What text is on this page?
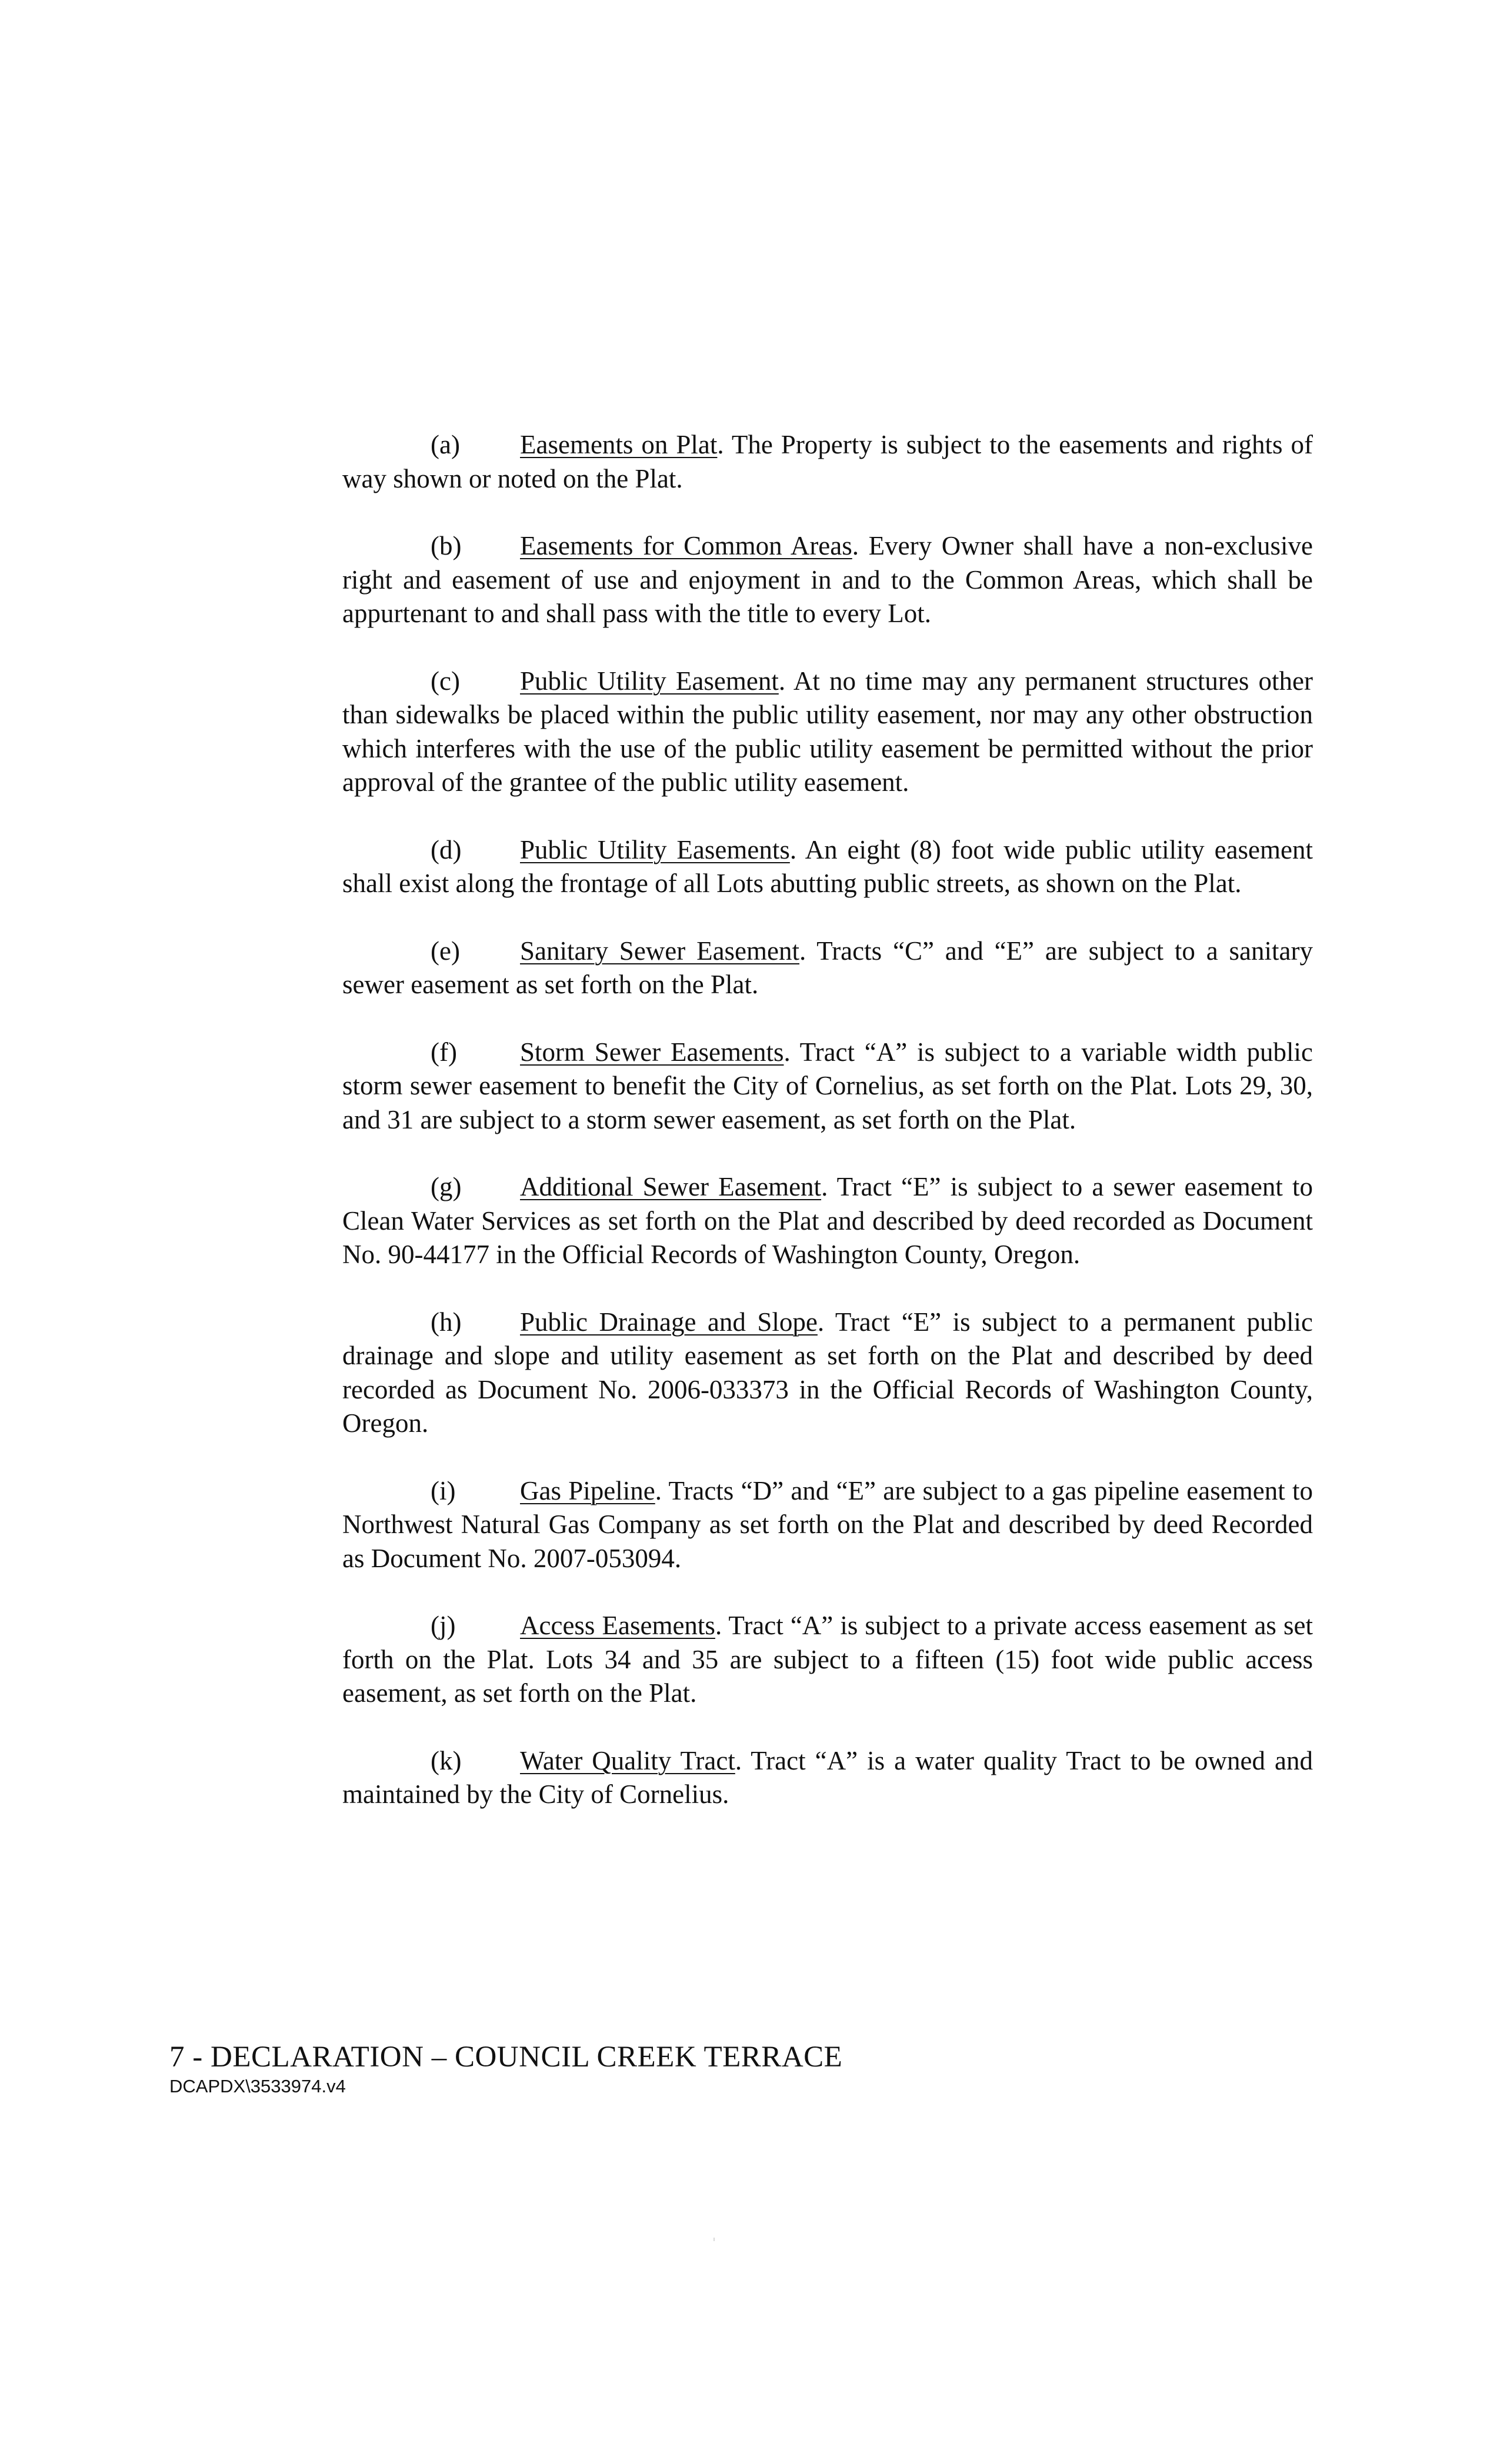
(a) Easements on Plat. The Property is subject to the easements and rights of way shown or noted on the Plat.

(b) Easements for Common Areas. Every Owner shall have a non-exclusive right and easement of use and enjoyment in and to the Common Areas, which shall be appurtenant to and shall pass with the title to every Lot.

(c) Public Utility Easement. At no time may any permanent structures other than sidewalks be placed within the public utility easement, nor may any other obstruction which interferes with the use of the public utility easement be permitted without the prior approval of the grantee of the public utility easement.

(d) Public Utility Easements. An eight (8) foot wide public utility easement shall exist along the frontage of all Lots abutting public streets, as shown on the Plat.

(e) Sanitary Sewer Easement. Tracts “C” and “E” are subject to a sanitary sewer easement as set forth on the Plat.

(f) Storm Sewer Easements. Tract “A” is subject to a variable width public storm sewer easement to benefit the City of Cornelius, as set forth on the Plat. Lots 29, 30, and 31 are subject to a storm sewer easement, as set forth on the Plat.

(g) Additional Sewer Easement. Tract “E” is subject to a sewer easement to Clean Water Services as set forth on the Plat and described by deed recorded as Document No. 90-44177 in the Official Records of Washington County, Oregon.

(h) Public Drainage and Slope. Tract “E” is subject to a permanent public drainage and slope and utility easement as set forth on the Plat and described by deed recorded as Document No. 2006-033373 in the Official Records of Washington County, Oregon.

(i) Gas Pipeline. Tracts “D” and “E” are subject to a gas pipeline easement to Northwest Natural Gas Company as set forth on the Plat and described by deed Recorded as Document No. 2007-053094.

(j) Access Easements. Tract “A” is subject to a private access easement as set forth on the Plat. Lots 34 and 35 are subject to a fifteen (15) foot wide public access easement, as set forth on the Plat.

(k) Water Quality Tract. Tract “A” is a water quality Tract to be owned and maintained by the City of Cornelius.

7 - DECLARATION – COUNCIL CREEK TERRACE
DCAPDX\3533974.v4
